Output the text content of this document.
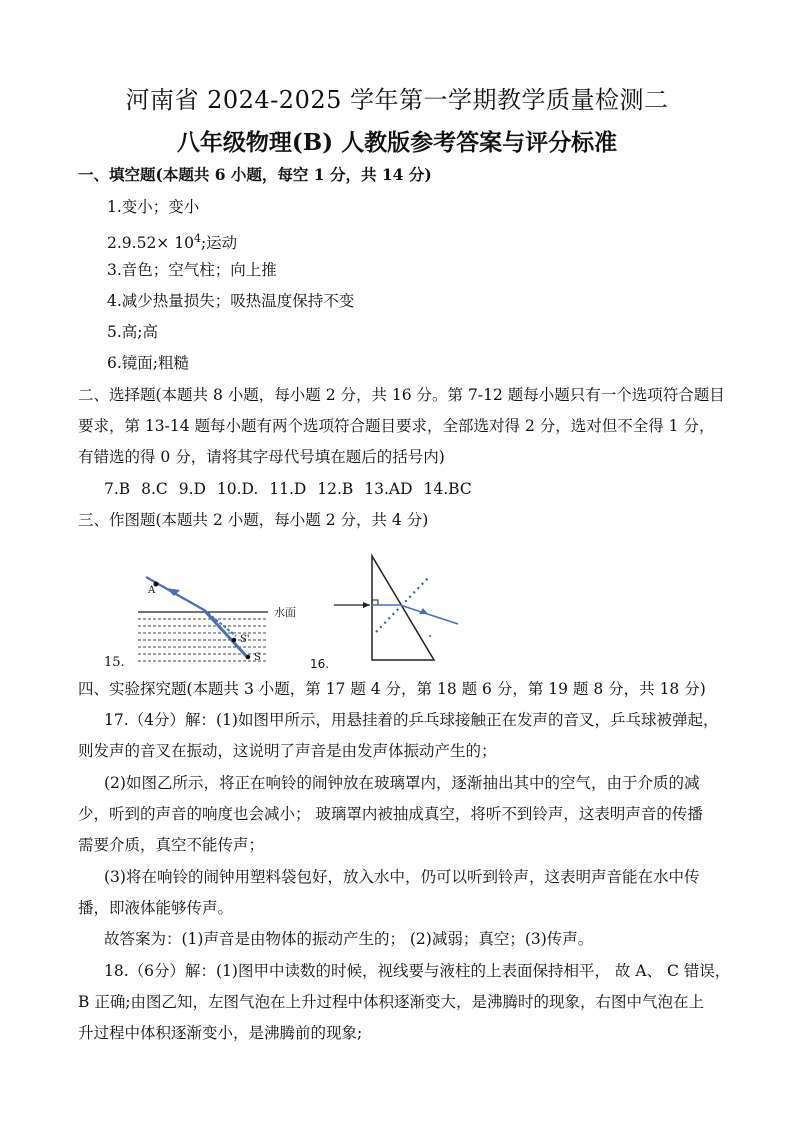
河南省 2024-2025 学年第一学期教学质量检测二
八年级物理(B) 人教版参考答案与评分标准
一、填空题(本题共 6 小题，每空 1 分，共 14 分)
1.变小；变小
$2.9.52\times 10^4$;运动
3.音色；空气柱；向上推
4.减少热量损失；吸热温度保持不变
5.高;高
6.镜面;粗糙
二、选择题(本题共 8 小题，每小题 2 分，共 16 分。第 7-12 题每小题只有一个选项符合题目
要求，第 13-14 题每小题有两个选项符合题目要求，全部选对得 2 分，选对但不全得 1 分，
有错选的得 0 分，请将其字母代号填在题后的括号内)
7.B 8.C 9.D 10.D. 11.D 12.B 13.AD 14.BC
三、作图题(本题共 2 小题，每小题 2 分，共 4 分)
A
S'
S
水面
15.	16.
四、实验探究题(本题共 3 小题，第 17 题 4 分，第 18 题 6 分，第 19 题 8 分，共 18 分)
17.（4分）解：(1)如图甲所示，用悬挂着的乒乓球接触正在发声的音叉，乒乓球被弹起，
则发声的音叉在振动，这说明了声音是由发声体振动产生的；
(2)如图乙所示，将正在响铃的闹钟放在玻璃罩内，逐渐抽出其中的空气，由于介质的减
少，听到的声音的响度也会减小； 玻璃罩内被抽成真空，将听不到铃声，这表明声音的传播
需要介质，真空不能传声；
(3)将在响铃的闹钟用塑料袋包好，放入水中，仍可以听到铃声，这表明声音能在水中传
播，即液体能够传声。
故答案为：(1)声音是由物体的振动产生的； (2)减弱；真空；(3)传声。
18.（6分）解：(1)图甲中读数的时候，视线要与液柱的上表面保持相平， 故 A、 C 错误，
B 正确;由图乙知，左图气泡在上升过程中体积逐渐变大，是沸腾时的现象，右图中气泡在上
升过程中体积逐渐变小，是沸腾前的现象;
